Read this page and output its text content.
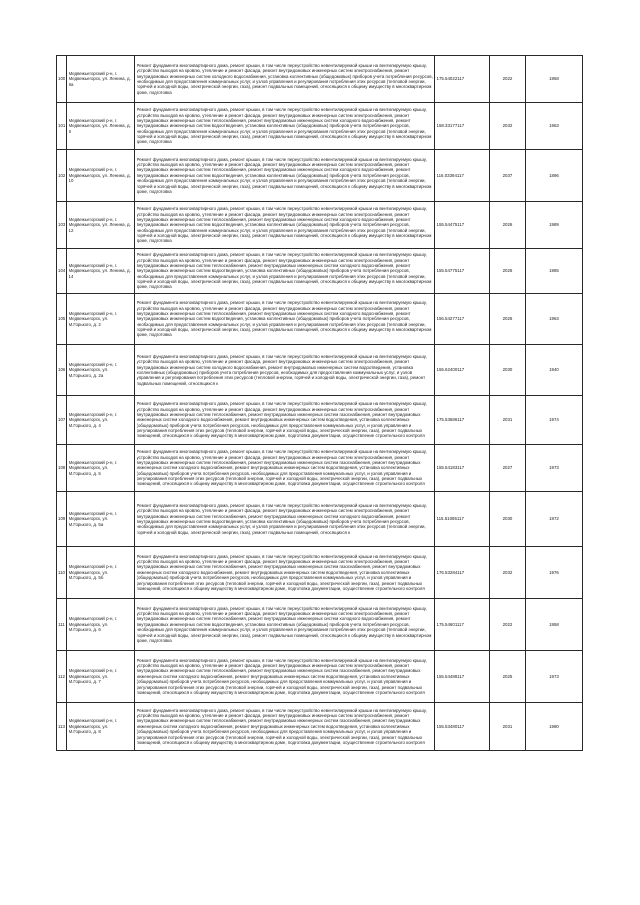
100	Медвежьегорский р-н, г. Медвежьегорск, ул. Ленина, д. 8а	Ремонт фундамента многоквартирного дома, ремонт крыши, в том числе переустройство невентилируемой крыши на вентилируемую крышу, устройство выходов на кровлю, утепление и ремонт фасада, ремонт внутридомовых инженерных систем электроснабжения, ремонт внутридомовых инженерных систем холодного водоснабжения, установка коллективных (общедомовых) приборов учета потребления ресурсов, необходимых для предоставления коммунальных услуг, и узлов управления и регулирования потребления этих ресурсов (тепловой энергии, горячей и холодной воды, электрической энергии, газа), ремонт подвальных помещений, относящихся к общему имуществу в многоквартирном доме, подготовка	175.54022117	2022	1958

101	Медвежьегорский р-н, г. Медвежьегорск, ул. Ленина, д. 8	Ремонт фундамента многоквартирного дома, ремонт крыши, в том числе переустройство невентилируемой крыши на вентилируемую крышу, устройство выходов на кровлю, утепление и ремонт фасада, ремонт внутридомовых инженерных систем электроснабжения, ремонт внутридомовых инженерных систем теплоснабжения, ремонт внутридомовых инженерных систем холодного водоснабжения, ремонт внутридомовых инженерных систем водоотведения, установка коллективных (общедомовых) приборов учета потребления ресурсов, необходимых для предоставления коммунальных услуг, и узлов управления и регулирования потребления этих ресурсов (тепловой энергии, горячей и холодной воды, электрической энергии, газа), ремонт подвальных помещений, относящихся к общему имуществу в многоквартирном доме, подготовка	158.33177117	2032	1963

102	Медвежьегорский р-н, г. Медвежьегорск, ул. Ленина, д. 10	Ремонт фундамента многоквартирного дома, ремонт крыши, в том числе переустройство невентилируемой крыши на вентилируемую крышу, устройство выходов на кровлю, утепление и ремонт фасада, ремонт внутридомовых инженерных систем электроснабжения, ремонт внутридомовых инженерных систем теплоснабжения, ремонт внутридомовых инженерных систем холодного водоснабжения, ремонт внутридомовых инженерных систем водоотведения, установка коллективных (общедомовых) приборов учета потребления ресурсов, необходимых для предоставления коммунальных услуг, и узлов управления и регулирования потребления этих ресурсов (тепловой энергии, горячей и холодной воды, электрической энергии, газа), ремонт подвальных помещений, относящихся к общему имуществу в многоквартирном доме, подготовка	116.03394117	2037	1896

103	Медвежьегорский р-н, г. Медвежьегорск, ул. Ленина, д. 12	Ремонт фундамента многоквартирного дома, ремонт крыши, в том числе переустройство невентилируемой крыши на вентилируемую крышу, устройство выходов на кровлю, утепление и ремонт фасада, ремонт внутридомовых инженерных систем электроснабжения, ремонт внутридомовых инженерных систем теплоснабжения, ремонт внутридомовых инженерных систем холодного водоснабжения, ремонт внутридомовых инженерных систем водоотведения, установка коллективных (общедомовых) приборов учета потребления ресурсов, необходимых для предоставления коммунальных услуг, и узлов управления и регулирования потребления этих ресурсов (тепловой энергии, горячей и холодной воды, электрической энергии, газа), ремонт подвальных помещений, относящихся к общему имуществу в многоквартирном доме, подготовка	155.54475117	2026	1989

104	Медвежьегорский р-н, г. Медвежьегорск, ул. Ленина, д. 14	Ремонт фундамента многоквартирного дома, ремонт крыши, в том числе переустройство невентилируемой крыши на вентилируемую крышу, устройство выходов на кровлю, утепление и ремонт фасада, ремонт внутридомовых инженерных систем электроснабжения, ремонт внутридомовых инженерных систем теплоснабжения, ремонт внутридомовых инженерных систем холодного водоснабжения, ремонт внутридомовых инженерных систем водоотведения, установка коллективных (общедомовых) приборов учета потребления ресурсов, необходимых для предоставления коммунальных услуг, и узлов управления и регулирования потребления этих ресурсов (тепловой энергии, горячей и холодной воды, электрической энергии, газа), ремонт подвальных помещений, относящихся к общему имуществу в многоквартирном доме, подготовка	155.54775117	2026	1985

105	Медвежьегорский р-н, г. Медвежьегорск, ул. М.Горького, д. 2	Ремонт фундамента многоквартирного дома, ремонт крыши, в том числе переустройство невентилируемой крыши на вентилируемую крышу, устройство выходов на кровлю, утепление и ремонт фасада, ремонт внутридомовых инженерных систем электроснабжения, ремонт внутридомовых инженерных систем теплоснабжения, ремонт внутридомовых инженерных систем холодного водоснабжения, ремонт внутридомовых инженерных систем водоотведения, установка коллективных (общедомовых) приборов учета потребления ресурсов, необходимых для предоставления коммунальных услуг, и узлов управления и регулирования потребления этих ресурсов (тепловой энергии, горячей и холодной воды, электрической энергии, газа), ремонт подвальных помещений, относящихся к общему имуществу в многоквартирном доме, подготовка	156.54277117	2026	1963

106	Медвежьегорский р-н, г. Медвежьегорск, ул. М.Горького, д. 2а	Ремонт фундамента многоквартирного дома, ремонт крыши, в том числе переустройство невентилируемой крыши на вентилируемую крышу, устройство выходов на кровлю, утепление и ремонт фасада, ремонт внутридомовых инженерных систем электроснабжения, ремонт внутридомовых инженерных систем холодного водоснабжения, ремонт внутридомовых инженерных систем водоотведения, установка коллективных (общедомовых) приборов учета потребления ресурсов, необходимых для предоставления коммунальных услуг, и узлов управления и регулирования потребления этих ресурсов (тепловой энергии, горячей и холодной воды, электрической энергии, газа), ремонт подвальных помещений, относящихся к	155.62400117	2030	1940

107	Медвежьегорский р-н, г. Медвежьегорск, ул. М.Горького, д. 4	Ремонт фундамента многоквартирного дома, ремонт крыши, в том числе переустройство невентилируемой крыши на вентилируемую крышу, устройство выходов на кровлю, утепление и ремонт фасада, ремонт внутридомовых инженерных систем электроснабжения, ремонт внутридомовых инженерных систем теплоснабжения, ремонт внутридомовых инженерных систем газоснабжения, ремонт внутридомовых инженерных систем холодного водоснабжения, ремонт внутридомовых инженерных систем водоотведения, установка коллективных (общедомовых) приборов учета потребления ресурсов, необходимых для предоставления коммунальных услуг, и узлов управления и регулирования потребления этих ресурсов (тепловой энергии, горячей и холодной воды, электрической энергии, газа), ремонт подвальных помещений, относящихся к общему имуществу в многоквартирном доме, подготовка документации, осуществление строительного контроля	175.53686117	2031	1974

108	Медвежьегорский р-н, г. Медвежьегорск, ул. М.Горького, д. 5	Ремонт фундамента многоквартирного дома, ремонт крыши, в том числе переустройство невентилируемой крыши на вентилируемую крышу, устройство выходов на кровлю, утепление и ремонт фасада, ремонт внутридомовых инженерных систем электроснабжения, ремонт внутридомовых инженерных систем теплоснабжения, ремонт внутридомовых инженерных систем газоснабжения, ремонт внутридомовых инженерных систем холодного водоснабжения, ремонт внутридомовых инженерных систем водоотведения, установка коллективных (общедомовых) приборов учета потребления ресурсов, необходимых для предоставления коммунальных услуг, и узлов управления и регулирования потребления этих ресурсов (тепловой энергии, горячей и холодной воды, электрической энергии, газа), ремонт подвальных помещений, относящихся к общему имуществу в многоквартирном доме, подготовка документации, осуществление строительного контроля	155.54183117	2027	1973

109	Медвежьегорский р-н, г. Медвежьегорск, ул. М.Горького, д. 5а	Ремонт фундамента многоквартирного дома, ремонт крыши, в том числе переустройство невентилируемой крыши на вентилируемую крышу, устройство выходов на кровлю, утепление и ремонт фасада, ремонт внутридомовых инженерных систем электроснабжения, ремонт внутридомовых инженерных систем теплоснабжения, ремонт внутридомовых инженерных систем холодного водоснабжения, ремонт внутридомовых инженерных систем водоотведения, установка коллективных (общедомовых) приборов учета потребления ресурсов, необходимых для предоставления коммунальных услуг, и узлов управления и регулирования потребления этих ресурсов (тепловой энергии, горячей и холодной воды, электрической энергии, газа), ремонт подвальных помещений, относящихся к	115.51085117	2030	1972

110	Медвежьегорский р-н, г. Медвежьегорск, ул. М.Горького, д. 5б	Ремонт фундамента многоквартирного дома, ремонт крыши, в том числе переустройство невентилируемой крыши на вентилируемую крышу, устройство выходов на кровлю, утепление и ремонт фасада, ремонт внутридомовых инженерных систем электроснабжения, ремонт внутридомовых инженерных систем теплоснабжения, ремонт внутридомовых инженерных систем газоснабжения, ремонт внутридомовых инженерных систем холодного водоснабжения, ремонт внутридомовых инженерных систем водоотведения, установка коллективных (общедомовых) приборов учета потребления ресурсов, необходимых для предоставления коммунальных услуг, и узлов управления и регулирования потребления этих ресурсов (тепловой энергии, горячей и холодной воды, электрической энергии, газа), ремонт подвальных помещений, относящихся к общему имуществу в многоквартирном доме, подготовка документации, осуществление строительного контроля	176.53284117	2032	1976

111	Медвежьегорский р-н, г. Медвежьегорск, ул. М.Горького, д. 6	Ремонт фундамента многоквартирного дома, ремонт крыши, в том числе переустройство невентилируемой крыши на вентилируемую крышу, устройство выходов на кровлю, утепление и ремонт фасада, ремонт внутридомовых инженерных систем электроснабжения, ремонт внутридомовых инженерных систем теплоснабжения, ремонт внутридомовых инженерных систем холодного водоснабжения, ремонт внутридомовых инженерных систем водоотведения, установка коллективных (общедомовых) приборов учета потребления ресурсов, необходимых для предоставления коммунальных услуг, и узлов управления и регулирования потребления этих ресурсов (тепловой энергии, горячей и холодной воды, электрической энергии, газа), ремонт подвальных помещений, относящихся к общему имуществу в многоквартирном доме, подготовка	175.54601117	2022	1958

112	Медвежьегорский р-н, г. Медвежьегорск, ул. М.Горького, д. 7	Ремонт фундамента многоквартирного дома, ремонт крыши, в том числе переустройство невентилируемой крыши на вентилируемую крышу, устройство выходов на кровлю, утепление и ремонт фасада, ремонт внутридомовых инженерных систем электроснабжения, ремонт внутридомовых инженерных систем теплоснабжения, ремонт внутридомовых инженерных систем газоснабжения, ремонт внутридомовых инженерных систем холодного водоснабжения, ремонт внутридомовых инженерных систем водоотведения, установка коллективных (общедомовых) приборов учета потребления ресурсов, необходимых для предоставления коммунальных услуг, и узлов управления и регулирования потребления этих ресурсов (тепловой энергии, горячей и холодной воды, электрической энергии, газа), ремонт подвальных помещений, относящихся к общему имуществу в многоквартирном доме, подготовка документации, осуществление строительного контроля	155.54488117	2025	1973

113	Медвежьегорский р-н, г. Медвежьегорск, ул. М.Горького, д. 8	Ремонт фундамента многоквартирного дома, ремонт крыши, в том числе переустройство невентилируемой крыши на вентилируемую крышу, устройство выходов на кровлю, утепление и ремонт фасада, ремонт внутридомовых инженерных систем электроснабжения, ремонт внутридомовых инженерных систем теплоснабжения, ремонт внутридомовых инженерных систем газоснабжения, ремонт внутридомовых инженерных систем холодного водоснабжения, ремонт внутридомовых инженерных систем водоотведения, установка коллективных (общедомовых) приборов учета потребления ресурсов, необходимых для предоставления коммунальных услуг, и узлов управления и регулирования потребления этих ресурсов (тепловой энергии, горячей и холодной воды, электрической энергии, газа), ремонт подвальных помещений, относящихся к общему имуществу в многоквартирном доме, подготовка документации, осуществление строительного контроля	155.53480117	2031	1980
